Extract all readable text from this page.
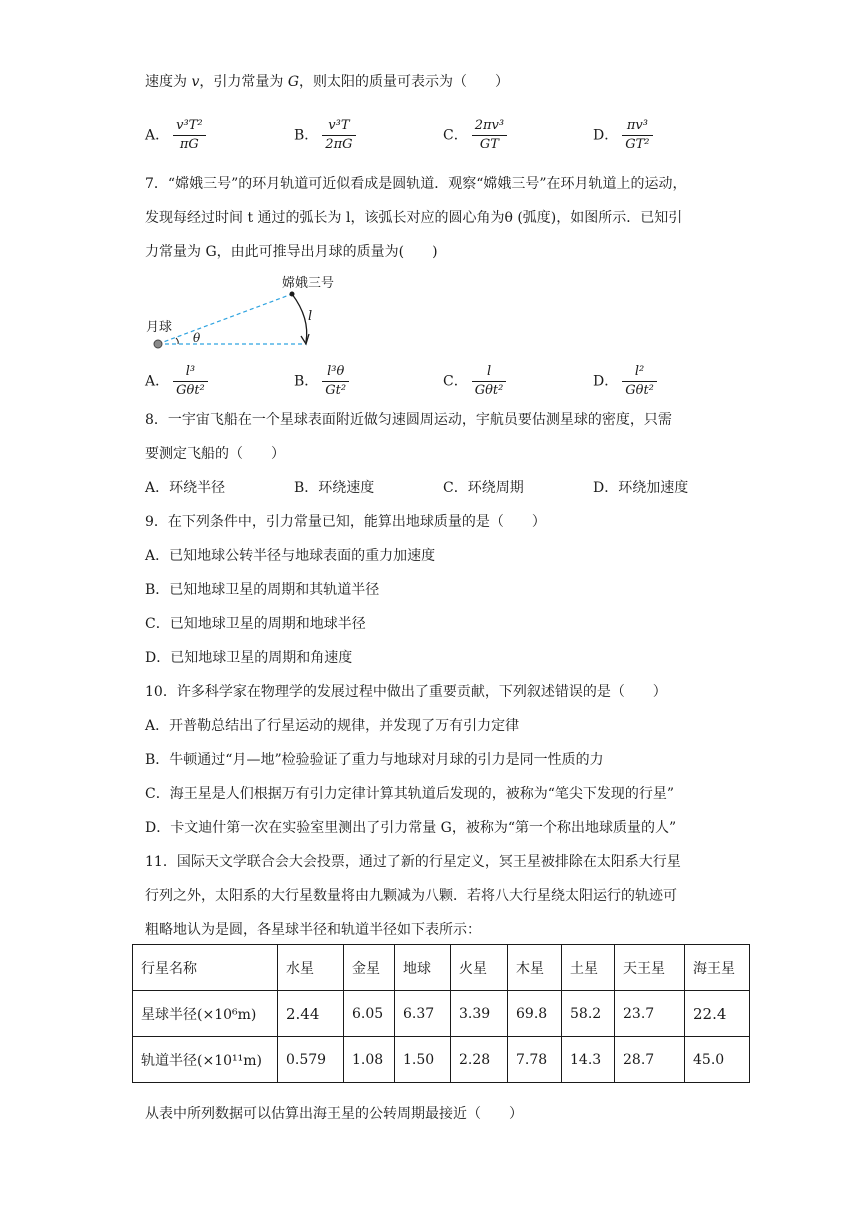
速度为 v，引力常量为 G，则太阳的质量可表示为（　　）
A． $\frac{\text{v³T²}}{\pi G}$	B． $\frac{\text{v³T}}{2\pi G}$	C． $\frac{\text{2πv³}}{GT}$	D． $\frac{\text{πv³}}{\text{GT²}}$
7．“嫦娥三号”的环月轨道可近似看成是圆轨道．观察“嫦娥三号”在环月轨道上的运动，
发现每经过时间 t 通过的弧长为 l，该弧长对应的圆心角为θ (弧度)，如图所示．已知引
力常量为 G，由此可推导出月球的质量为(　　)
嫦娥三号
月球
l
θ
A． $\frac{\text{l³}}{\text{Gθt²}}$	B． $\frac{\text{l³θ}}{\text{Gt²}}$	C． $\frac{l}{\text{Gθt²}}$	D． $\frac{\text{l²}}{\text{Gθt²}}$
8．一宇宙飞船在一个星球表面附近做匀速圆周运动，宇航员要估测星球的密度，只需
要测定飞船的（　　）
A．环绕半径	B．环绕速度	C．环绕周期	D．环绕加速度
9．在下列条件中，引力常量已知，能算出地球质量的是（　　）
A．已知地球公转半径与地球表面的重力加速度
B．已知地球卫星的周期和其轨道半径
C．已知地球卫星的周期和地球半径
D．已知地球卫星的周期和角速度
10．许多科学家在物理学的发展过程中做出了重要贡献，下列叙述错误的是（　　）
A．开普勒总结出了行星运动的规律，并发现了万有引力定律
B．牛顿通过“月—地”检验验证了重力与地球对月球的引力是同一性质的力
C．海王星是人们根据万有引力定律计算其轨道后发现的，被称为“笔尖下发现的行星”
D．卡文迪什第一次在实验室里测出了引力常量 G，被称为“第一个称出地球质量的人”
11．国际天文学联合会大会投票，通过了新的行星定义，冥王星被排除在太阳系大行星
行列之外，太阳系的大行星数量将由九颗减为八颗．若将八大行星绕太阳运行的轨迹可
粗略地认为是圆，各星球半径和轨道半径如下表所示：
行星名称	水星	金星	地球	火星	木星	土星	天王星	海王星
星球半径(×10⁶m)	2.44	6.05	6.37	3.39	69.8	58.2	23.7	22.4
轨道半径(×10¹¹m)	0.579	1.08	1.50	2.28	7.78	14.3	28.7	45.0
从表中所列数据可以估算出海王星的公转周期最接近（　　）
